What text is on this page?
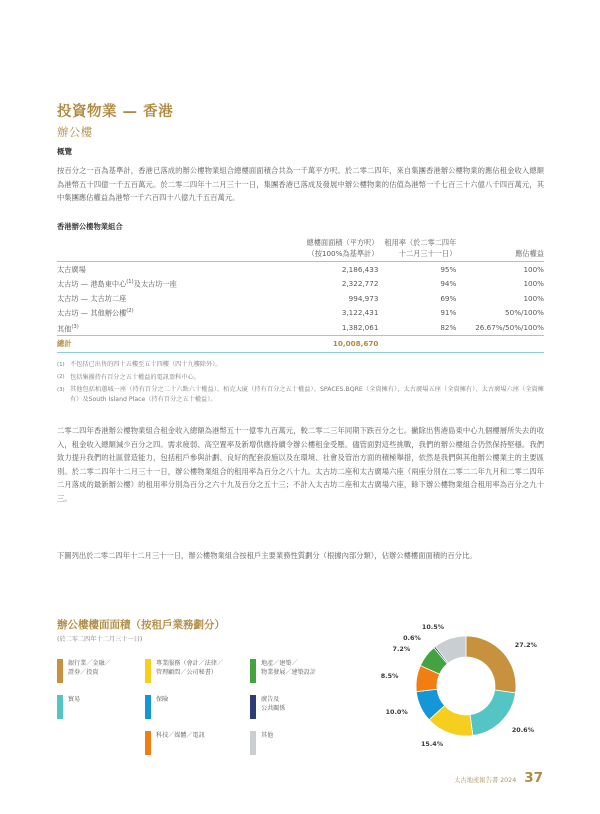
投資物業 — 香港
辦公樓
概覽
按百分之一百為基準計，香港已落成的辦公樓物業組合總樓面面積合共為一千萬平方呎。於二零二四年，來自集團香港辦公樓物業的應佔租金收入總額為港幣五十四億一千五百萬元。於二零二四年十二月三十一日，集團香港已落成及發展中辦公樓物業的估值為港幣一千七百三十六億八千四百萬元，其中集團應佔權益為港幣一千六百四十八億九千五百萬元。
香港辦公樓物業組合

總樓面面積（平方呎）
（按100%為基準計）

租用率（於二零二四年
十二月三十一日）	應佔權益
太古廣場	2,186,433	95%	100%
太古坊 — 港島東中心$^{(1)}$及太古坊一座	2,322,772	94%	100%
太古坊 — 太古坊二座	994,973	69%	100%
太古坊 — 其他辦公樓$^{(2)}$	3,122,431	91%	50%/100%
其他$^{(3)}$	1,382,061	82%	26.67%/50%/100%
總計	10,008,670		
(1) 不包括已出售的四十五樓至五十四樓（四十九樓除外）。
(2) 包括集團持有百分之五十權益的電訊盈科中心。
(3) 其他包括栢蕙城一座（持有百分之二十六點六十權益）、栢克大廈（持有百分之五十權益）、SPACES.BQRE（全資擁有）、太古廣場五座（全資擁有）、太古廣場六座（全資擁有）及South Island Place（持有百分之五十權益）。
二零二四年香港辦公樓物業組合租金收入總額為港幣五十一億零九百萬元，較二零二三年同期下跌百分之七。撇除出售港島東中心九個樓層所失去的收入，租金收入總額減少百分之四。需求疲弱、高空置率及新增供應持續令辦公樓租金受壓。儘管面對這些挑戰，我們的辦公樓組合仍然保持堅穩。我們致力提升我們的社區營造能力，包括租戶參與計劃、良好的配套設施以及在環境、社會及管治方面的積極舉措，依然是我們與其他辦公樓業主的主要區別。於二零二四年十二月三十一日，辦公樓物業組合的租用率為百分之八十九。太古坊二座和太古廣場六座（兩座分別在二零二二年九月和二零二四年二月落成的最新辦公樓）的租用率分別為百分之六十九及百分之五十三；不計入太古坊二座和太古廣場六座，餘下辦公樓物業組合租用率為百分之九十三。
下圖列出於二零二四年十二月三十一日，辦公樓物業組合按租戶主要業務性質劃分（根據內部分類），佔辦公樓樓面面積的百分比。
辦公樓樓面面積（按租戶業務劃分）
(於二零二四年十二月三十一日)
銀行業／金融／
證券／投資
專業服務（會計／法律／
管理顧問／公司秘書）
地產／建築／
物業發展／建築設計
貿易	保險	廣告及
公共關係
科技／媒體／電訊	其他
27.2%
20.6%
15.4%
10.0%
8.5%
7.2%
0.6%
10.5%
太古地產報告書 2024 37
